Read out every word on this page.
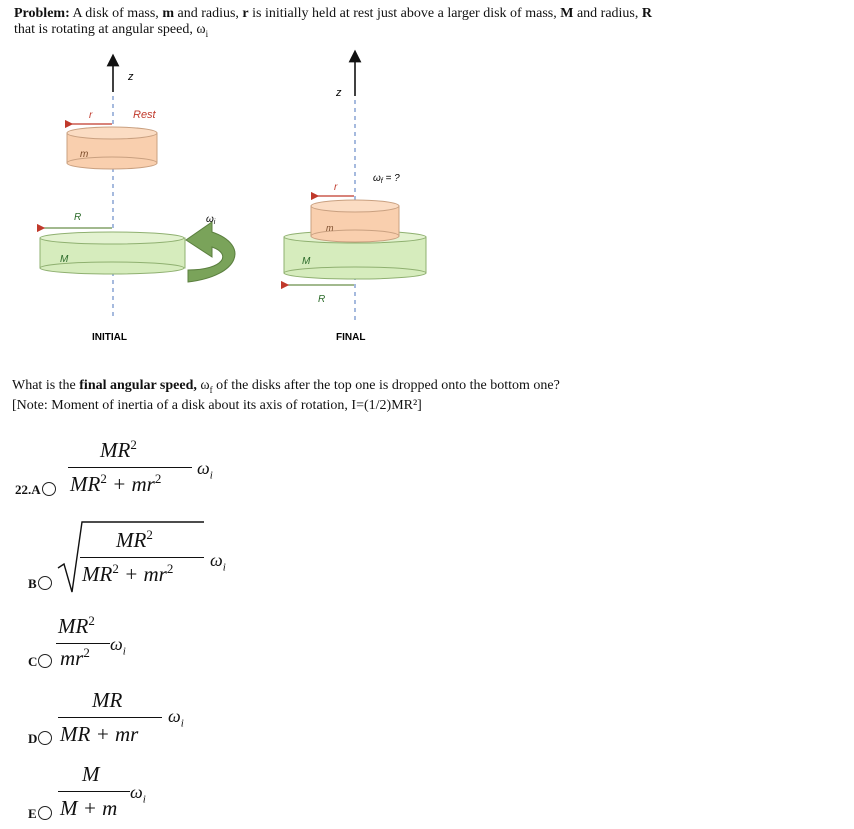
Problem: A disk of mass, m and radius, r is initially held at rest just above a larger disk of mass, M and radius, R
that is rotating at angular speed, $\omega_i$
z
Rest
r
m
R
M
$\omega_i$
INITIAL
z
$\omega_f$ = ?
r
m
M
R
FINAL
What is the final angular speed, $\omega_f$ of the disks after the top one is dropped onto the bottom one?
[Note: Moment of inertia of a disk about its axis of rotation, I=(1/2)MR²]
22.A
$MR^2$
$MR^2 + mr^2$
$\omega_i$
B
$MR^2$
$MR^2 + mr^2$ $\omega_i$
C
$MR^2$
$mr^2$ $\omega_i$
D
MR
MR + mr
$\omega_i$
E
M
M + m
$\omega_i$
